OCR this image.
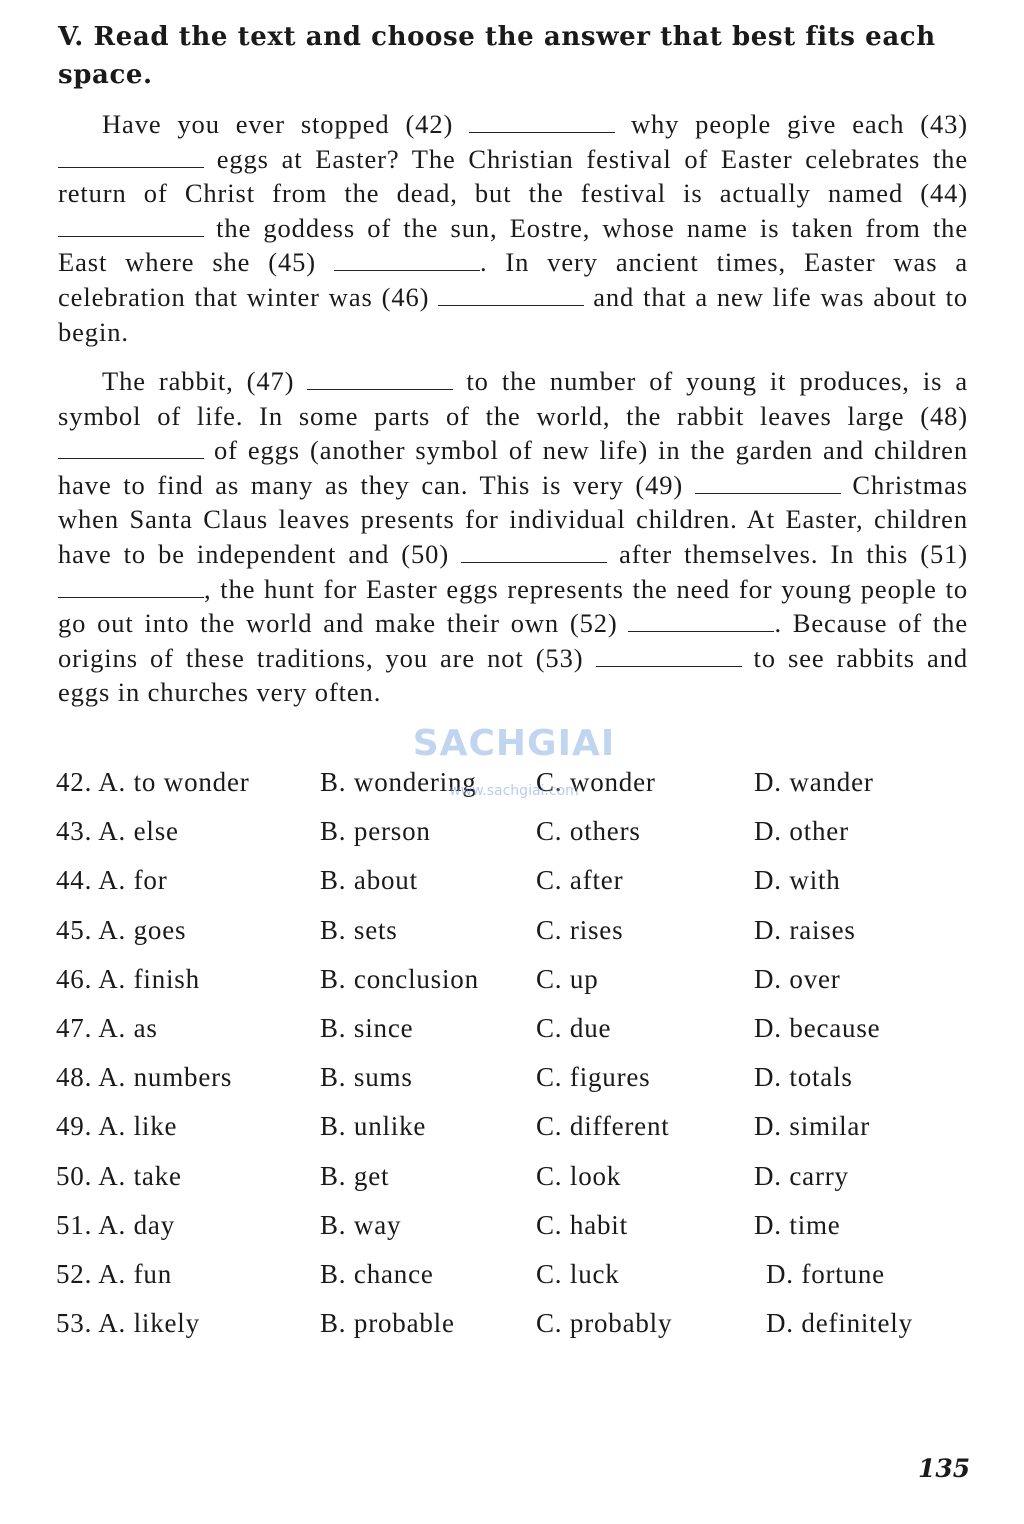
V. Read the text and choose the answer that best fits each space.

Have you ever stopped (42)	why people give each (43)  eggs at Easter? The Christian festival of Easter celebrates the return of Christ from the dead, but the festival is actually named (44)  the goddess of the sun, Eostre, whose name is taken from the East where she (45)	. In very ancient times, Easter was a celebration that winter was (46)	and that a new life was about to begin.

The rabbit, (47)	to the number of young it produces, is a symbol of life. In some parts of the world, the rabbit leaves large (48)  of eggs (another symbol of new life) in the garden and children have to find as many as they can. This is very (49)	Christmas when Santa Claus leaves presents for individual children. At Easter, children have to be independent and (50)	after themselves. In this (51) , the hunt for Easter eggs represents the need for young people to go out into the world and make their own (52)	. Because of the origins of these traditions, you are not (53)	to see rabbits and eggs in churches very often.

42. A. to wonder	B. wondering	C. wonder	D. wander
43. A. else	B. person	C. others	D. other
44. A. for	B. about	C. after	D. with
45. A. goes	B. sets	C. rises	D. raises
46. A. finish	B. conclusion	C. up	D. over
47. A. as	B. since	C. due	D. because
48. A. numbers	B. sums	C. figures	D. totals
49. A. like	B. unlike	C. different	D. similar
50. A. take	B. get	C. look	D. carry
51. A. day	B. way	C. habit	D. time
52. A. fun	B. chance	C. luck	D. fortune
53. A. likely	B. probable	C. probably	D. definitely
SACHGIAI
www.sachgiai.com
135
